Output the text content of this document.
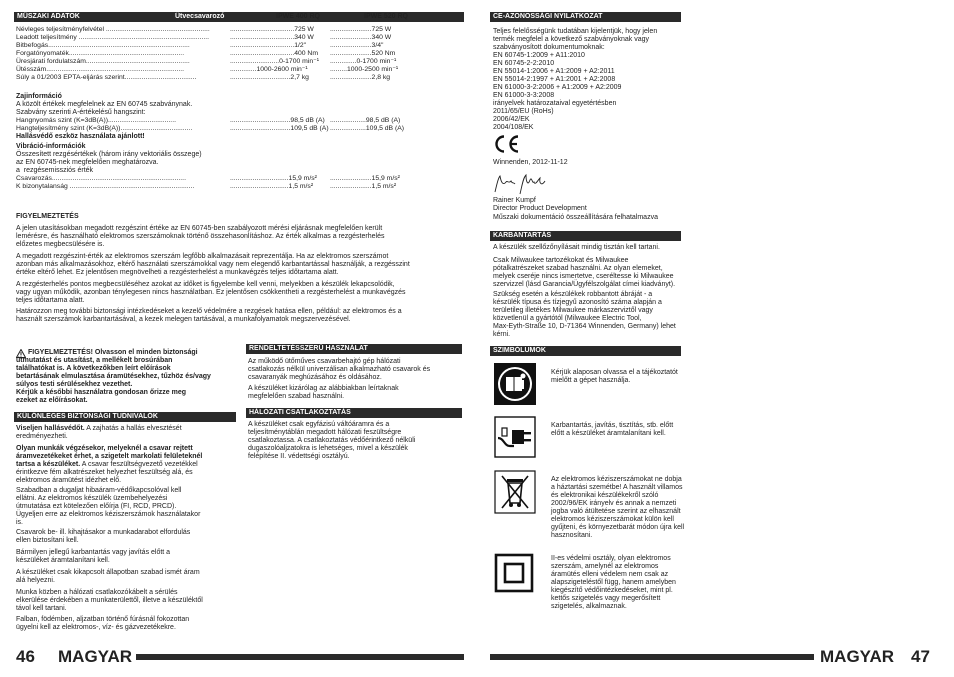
MŰSZAKI ADATOK	Ütvecsavarozó	IPWE 400 RQ	IPWE 520 RQ
Névleges teljesítményfelvétel .......................................................	..................................725 W ......................725 W
Leadott teljesítmény .....................................................................	..................................340 W ......................340 W
Bitbefogás...........................................................................	..................................1/2"	......................3/4"
Forgatónyomaték.............................................................	..................................400 Nm ......................520 Nm
Üresjárati fordulatszám.......................................................	..........................0-1700 min⁻¹ ..............0-1700 min⁻¹
Ütésszám.........................................................................	..............1000-2600 min⁻¹	.........1000-2500 min⁻¹
Súly a 01/2003 EPTA-eljárás szerint......................................	................................2,7 kg	......................2,8 kg
Zajinformáció
A közölt értékek megfelelnek az EN 60745 szabványnak.
Szabvány szerinti A-értékelésű hangszint:
Hangnyomás szint (K=3dB(A))....................................	................................98,5 dB (A) ...................98,5 dB (A)
Hangteljesítmény szint (K=3dB(A))......................................	................................109,5 dB (A) ...................109,5 dB (A)
Hallásvédő eszköz használata ajánlott!
Vibráció-információk
Összesített rezgésértékek (három irány vektoriális összege)
az EN 60745-nek megfelelően meghatározva.
a  rezgésemissziós érték
Csavarozás.......................................................................	...............................15,9 m/s² ......................15,9 m/s²
K bizonytalanság ..................................................................	...............................1,5 m/s² ......................1,5 m/s²
FIGYELMEZTETÉS
A jelen utasításokban megadott rezgészint értéke az EN 60745-ben szabályozott mérési eljárásnak megfelelően került
lemérésre, és használható elektromos szerszámoknak történő összehasonlításhoz. Az érték alkalmas a rezgésterhelés
előzetes megbecsülésére is.
A megadott rezgészint-érték az elektromos szerszám legfőbb alkalmazásait reprezentálja. Ha az elektromos szerszámot
azonban más alkalmazásokhoz, eltérő használati szerszámokkal vagy nem elegendő karbantartással használják, a rezgésszint
értéke eltérő lehet. Ez jelentősen megnövelheti a rezgésterhelést a munkavégzés teljes időtartama alatt.
A rezgésterhelés pontos megbecsüléséhez azokat az időket is figyelembe kell venni, melyekben a készülék lekapcsolódik,
vagy ugyan működik, azonban ténylegesen nincs használatban. Ez jelentősen csökkentheti a rezgésterhelést a munkavégzés
teljes időtartama alatt.
Határozzon meg további biztonsági intézkedéseket a kezelő védelmére a rezgések hatása ellen, például: az elektromos és a
használt szerszámok karbantartásával, a kezek melegen tartásával, a munkafolyamatok megszervezésével.
FIGYELMEZTETÉS! Olvasson el minden biztonsági
útmutatást és utasítást, a mellékelt brosúrában
találhatókat is. A következőkben leírt előírások
betartásának elmulasztása áramütésekhez, tűzhöz és/vagy
súlyos testi sérülésekhez vezethet.
Kérjük a későbbi használatra gondosan őrizze meg
ezeket az előírásokat.
KÜLÖNLEGES BIZTONSÁGI TUDNIVALÓK
Viseljen hallásvédőt. A zajhatás a hallás elvesztését
eredményezheti.
Olyan munkák végzésekor, melyeknél a csavar rejtett
áramvezetékeket érhet, a szigetelt markolati felületeknél
tartsa a készüléket. A csavar feszültségvezető vezetékkel
érintkezve fém alkatrészeket helyezhet feszültség alá, és
elektromos áramütést idézhet elő.
Szabadban a dugaljat hibaáram-védőkapcsolóval kell
ellátni. Az elektromos készülék üzembehelyezési
útmutatása ezt kötelezően előírja (FI, RCD, PRCD).
Ügyeljen erre az elektromos kéziszerszámok használatakor
is.
Csavarok be- ill. kihajtásakor a munkadarabot elfordulás
ellen biztosítani kell.
Bármilyen jellegű karbantartás vagy javítás előtt a
készüléket áramtalanítani kell.
A készüléket csak kikapcsolt állapotban szabad ismét áram
alá helyezni.
Munka közben a hálózati csatlakozókábelt a sérülés
elkerülése érdekében a munkaterülettől, illetve a készüléktől
távol kell tartani.
Falban, födémben, aljzatban történő fúrásnál fokozottan
ügyelni kell az elektromos-, víz- és gázvezetékekre.
RENDELTETÉSSZERŰ HASZNÁLAT
Az működő ütőműves csavarbehajtó gép hálózati
csatlakozás nélkül univerzálisan alkalmazható csavarok és
csavaranyák meghúzásához és oldásához.
A készüléket kizárólag az alábbiakban leírtaknak
megfelelően szabad használni.
HÁLÓZATI CSATLAKOZTATÁS
A készüléket csak egyfázisú váltóáramra és a
teljesítménytáblán megadott hálózati feszültségre
csatlakoztassa. A csatlakoztatás védőérintkező nélküli
dugaszolóaljzatokra is lehetséges, mivel a készülék
felépítése II. védettségi osztályú.
46 MAGYAR
CE-AZONOSSÁGI NYILATKOZAT
Teljes felelősségünk tudatában kijelentjük, hogy jelen
termék megfelel a következő szabványoknak vagy
szabványosított dokumentumoknak:
EN 60745-1:2009 + A11:2010
EN 60745-2-2:2010
EN 55014-1:2006 + A1:2009 + A2:2011
EN 55014-2:1997 + A1:2001 + A2:2008
EN 61000-3-2:2006 + A1:2009 + A2:2009
EN 61000-3-3:2008
irányelvek határozataival egyetértésben
2011/65/EU (RoHs)
2006/42/EK
2004/108/EK
Winnenden, 2012-11-12
Rainer Kumpf
Director Product Development
Műszaki dokumentáció összeállítására felhatalmazva
KARBANTARTÁS
A készülék szellőzőnyílásait mindig tisztán kell tartani.
Csak Milwaukee tartozékokat és Milwaukee
pótalkatrészeket szabad használni. Az olyan elemeket,
melyek cseréje nincs ismertetve, cseréltesse ki Milwaukee
szervizzel (lásd Garancia/Ügyfélszolgálat címei kiadványt).
Szükség esetén a készülékek robbantott ábráját - a
készülék típusa és tízjegyű azonosító száma alapján a
területileg illetékes Milwaukee márkaszerviztől vagy
közvetlenül a gyártótól (Milwaukee Electric Tool,
Max-Eyth-Straße 10, D-71364 Winnenden, Germany) lehet
kérni.
SZIMBÓLUMOK
Kérjük alaposan olvassa el a tájékoztatót
mielőtt a gépet használja.
Karbantartás, javítás, tisztítás, stb. előtt
előtt a készüléket áramtalanítani kell.
Az elektromos kéziszerszámokat ne dobja
a háztartási szemétbe! A használt villamos
és elektronikai készülékekről szóló
2002/96/EK irányelv és annak a nemzeti
jogba való átültetése szerint az elhasznált
elektromos kéziszerszámokat külön kell
gyűjteni, és környezetbarát módon újra kell
hasznosítani.
II-es védelmi osztály, olyan elektromos
szerszám, amelynél az elektromos
áramütés elleni védelem nem csak az
alapszigeteléstől függ, hanem amelyben
kiegészítő védőintézkedéseket, mint pl.
kettős szigetelés vagy megerősített
szigetelés, alkalmaznak.
MAGYAR 47
